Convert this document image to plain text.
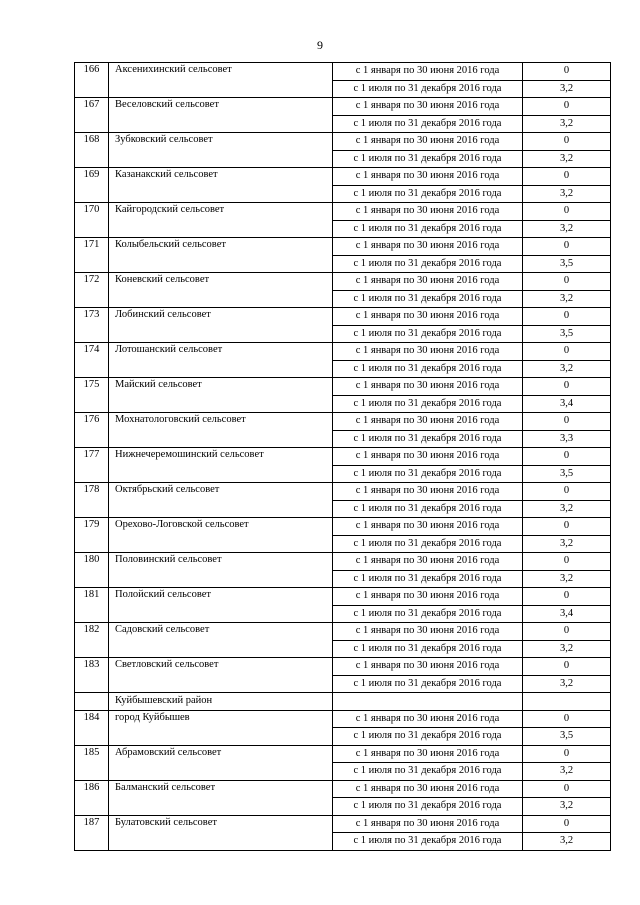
9
166	Аксенихинский сельсовет	с 1 января по 30 июня 2016 года	0
		с 1 июля по 31 декабря 2016 года	3,2
167	Веселовский сельсовет	с 1 января по 30 июня 2016 года	0
		с 1 июля по 31 декабря 2016 года	3,2
168	Зубковский сельсовет	с 1 января по 30 июня 2016 года	0
		с 1 июля по 31 декабря 2016 года	3,2
169	Казанакский сельсовет	с 1 января по 30 июня 2016 года	0
		с 1 июля по 31 декабря 2016 года	3,2
170	Кайгородский сельсовет	с 1 января по 30 июня 2016 года	0
		с 1 июля по 31 декабря 2016 года	3,2
171	Колыбельский сельсовет	с 1 января по 30 июня 2016 года	0
		с 1 июля по 31 декабря 2016 года	3,5
172	Коневский сельсовет	с 1 января по 30 июня 2016 года	0
		с 1 июля по 31 декабря 2016 года	3,2
173	Лобинский сельсовет	с 1 января по 30 июня 2016 года	0
		с 1 июля по 31 декабря 2016 года	3,5
174	Лотошанский сельсовет	с 1 января по 30 июня 2016 года	0
		с 1 июля по 31 декабря 2016 года	3,2
175	Майский сельсовет	с 1 января по 30 июня 2016 года	0
		с 1 июля по 31 декабря 2016 года	3,4
176	Мохнатологовский сельсовет	с 1 января по 30 июня 2016 года	0
		с 1 июля по 31 декабря 2016 года	3,3
177	Нижнечеремошинский сельсовет	с 1 января по 30 июня 2016 года	0
		с 1 июля по 31 декабря 2016 года	3,5
178	Октябрьский сельсовет	с 1 января по 30 июня 2016 года	0
		с 1 июля по 31 декабря 2016 года	3,2
179	Орехово-Логовской сельсовет	с 1 января по 30 июня 2016 года	0
		с 1 июля по 31 декабря 2016 года	3,2
180	Половинский сельсовет	с 1 января по 30 июня 2016 года	0
		с 1 июля по 31 декабря 2016 года	3,2
181	Полойский сельсовет	с 1 января по 30 июня 2016 года	0
		с 1 июля по 31 декабря 2016 года	3,4
182	Садовский сельсовет	с 1 января по 30 июня 2016 года	0
		с 1 июля по 31 декабря 2016 года	3,2
183	Светловский сельсовет	с 1 января по 30 июня 2016 года	0
		с 1 июля по 31 декабря 2016 года	3,2
	Куйбышевский район		
184	город Куйбышев	с 1 января по 30 июня 2016 года	0
		с 1 июля по 31 декабря 2016 года	3,5
185	Абрамовский сельсовет	с 1 января по 30 июня 2016 года	0
		с 1 июля по 31 декабря 2016 года	3,2
186	Балманский сельсовет	с 1 января по 30 июня 2016 года	0
		с 1 июля по 31 декабря 2016 года	3,2
187	Булатовский сельсовет	с 1 января по 30 июня 2016 года	0
		с 1 июля по 31 декабря 2016 года	3,2
